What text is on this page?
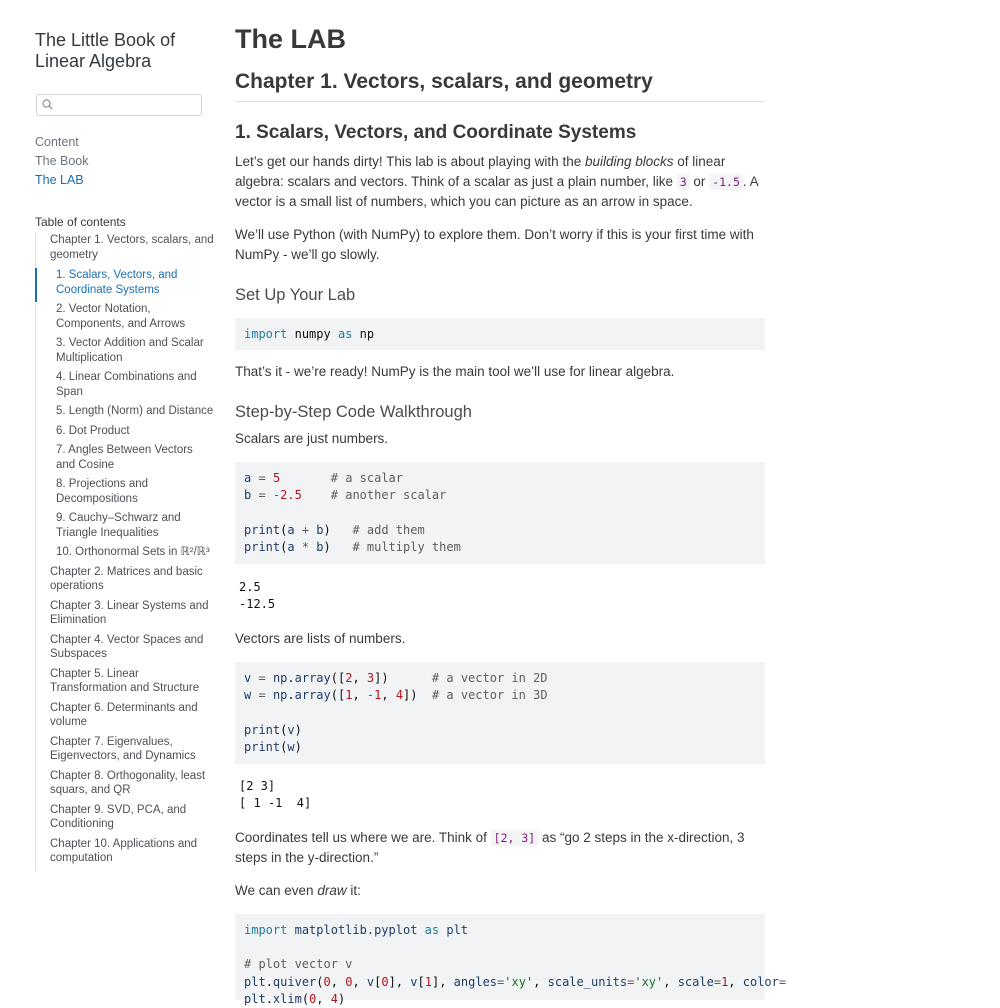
The Little Book of Linear Algebra
Content
The Book
The LAB
Table of contents
Chapter 1. Vectors, scalars, and geometry
1. Scalars, Vectors, and Coordinate Systems
2. Vector Notation, Components, and Arrows
3. Vector Addition and Scalar Multiplication
4. Linear Combinations and Span
5. Length (Norm) and Distance
6. Dot Product
7. Angles Between Vectors and Cosine
8. Projections and Decompositions
9. Cauchy–Schwarz and Triangle Inequalities
10. Orthonormal Sets in ℝ²/ℝ³
Chapter 2. Matrices and basic operations
Chapter 3. Linear Systems and Elimination
Chapter 4. Vector Spaces and Subspaces
Chapter 5. Linear Transformation and Structure
Chapter 6. Determinants and volume
Chapter 7. Eigenvalues, Eigenvectors, and Dynamics
Chapter 8. Orthogonality, least squars, and QR
Chapter 9. SVD, PCA, and Conditioning
Chapter 10. Applications and computation
The LAB
Chapter 1. Vectors, scalars, and geometry
1. Scalars, Vectors, and Coordinate Systems

Let’s get our hands dirty! This lab is about playing with the building blocks of linear algebra: scalars and vectors. Think of a scalar as just a plain number, like 3 or -1.5 . A vector is a small list of numbers, which you can picture as an arrow in space.

We’ll use Python (with NumPy) to explore them. Don’t worry if this is your first time with NumPy - we’ll go slowly.

Set Up Your Lab
import numpy as np

That’s it - we’re ready! NumPy is the main tool we’ll use for linear algebra.

Step-by-Step Code Walkthrough

Scalars are just numbers.

a = 5	# a scalar
b = -2.5 # another scalar

print(a + b)   # add them
print(a * b)   # multiply them
2.5
-12.5

Vectors are lists of numbers.

v = np.array([2, 3])      # a vector in 2D
w = np.array([1, -1, 4])  # a vector in 3D

print(v)
print(w)
[2 3]
[ 1 -1  4]

Coordinates tell us where we are. Think of [2, 3] as “go 2 steps in the x-direction, 3 steps in the y-direction.”

We can even draw it:

import matplotlib.pyplot as plt

# plot vector v
plt.quiver(0, 0, v[0], v[1], angles='xy', scale_units='xy', scale=1, color=
plt.xlim(0, 4)
